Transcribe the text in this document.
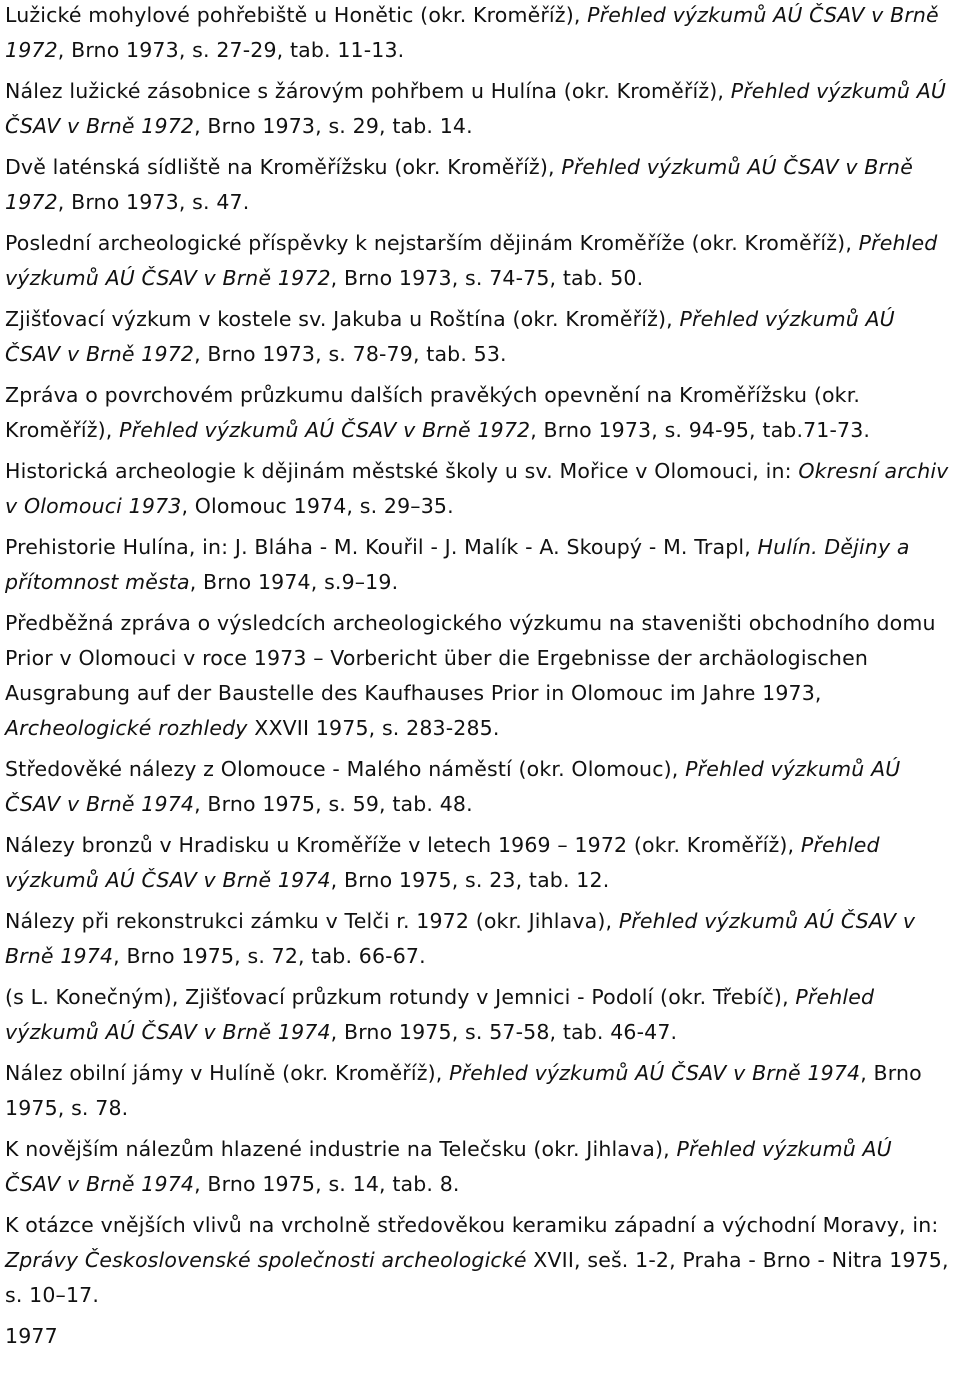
Lužické mohylové pohřebiště u Honětic (okr. Kroměříž), Přehled výzkumů AÚ ČSAV v Brně 1972, Brno 1973, s. 27-29, tab. 11-13.

Nález lužické zásobnice s žárovým pohřbem u Hulína (okr. Kroměříž), Přehled výzkumů AÚ ČSAV v Brně 1972, Brno 1973, s. 29, tab. 14.

Dvě laténská sídliště na Kroměřížsku (okr. Kroměříž), Přehled výzkumů AÚ ČSAV v Brně 1972, Brno 1973, s. 47.

Poslední archeologické příspěvky k nejstarším dějinám Kroměříže (okr. Kroměříž), Přehled výzkumů AÚ ČSAV v Brně 1972, Brno 1973, s. 74-75, tab. 50.

Zjišťovací výzkum v kostele sv. Jakuba u Roštína (okr. Kroměříž), Přehled výzkumů AÚ ČSAV v Brně 1972, Brno 1973, s. 78-79, tab. 53.

Zpráva o povrchovém průzkumu dalších pravěkých opevnění na Kroměřížsku (okr. Kroměříž), Přehled výzkumů AÚ ČSAV v Brně 1972, Brno 1973, s. 94-95, tab.71-73.

Historická archeologie k dějinám městské školy u sv. Mořice v Olomouci, in: Okresní archiv v Olomouci 1973, Olomouc 1974, s. 29–35.

Prehistorie Hulína, in: J. Bláha - M. Kouřil - J. Malík - A. Skoupý - M. Trapl, Hulín. Dějiny a přítomnost města, Brno 1974, s.9–19.

Předběžná zpráva o výsledcích archeologického výzkumu na staveništi obchodního domu Prior v Olomouci v roce 1973 – Vorbericht über die Ergebnisse der archäologischen Ausgrabung auf der Baustelle des Kaufhauses Prior in Olomouc im Jahre 1973, Archeologické rozhledy XXVII 1975, s. 283-285.

Středověké nálezy z Olomouce - Malého náměstí (okr. Olomouc), Přehled výzkumů AÚ ČSAV v Brně 1974, Brno 1975, s. 59, tab. 48.

Nálezy bronzů v Hradisku u Kroměříže v letech 1969 – 1972 (okr. Kroměříž), Přehled výzkumů AÚ ČSAV v Brně 1974, Brno 1975, s. 23, tab. 12.

Nálezy při rekonstrukci zámku v Telči r. 1972 (okr. Jihlava), Přehled výzkumů AÚ ČSAV v Brně 1974, Brno 1975, s. 72, tab. 66-67.

(s L. Konečným), Zjišťovací průzkum rotundy v Jemnici - Podolí (okr. Třebíč), Přehled výzkumů AÚ ČSAV v Brně 1974, Brno 1975, s. 57-58, tab. 46-47.

Nález obilní jámy v Hulíně (okr. Kroměříž), Přehled výzkumů AÚ ČSAV v Brně 1974, Brno 1975, s. 78.

K novějším nálezům hlazené industrie na Telečsku (okr. Jihlava), Přehled výzkumů AÚ ČSAV v Brně 1974, Brno 1975, s. 14, tab. 8.

K otázce vnějších vlivů na vrcholně středověkou keramiku západní a východní Moravy, in: Zprávy Československé společnosti archeologické XVII, seš. 1-2, Praha - Brno - Nitra 1975, s. 10–17.

1977
